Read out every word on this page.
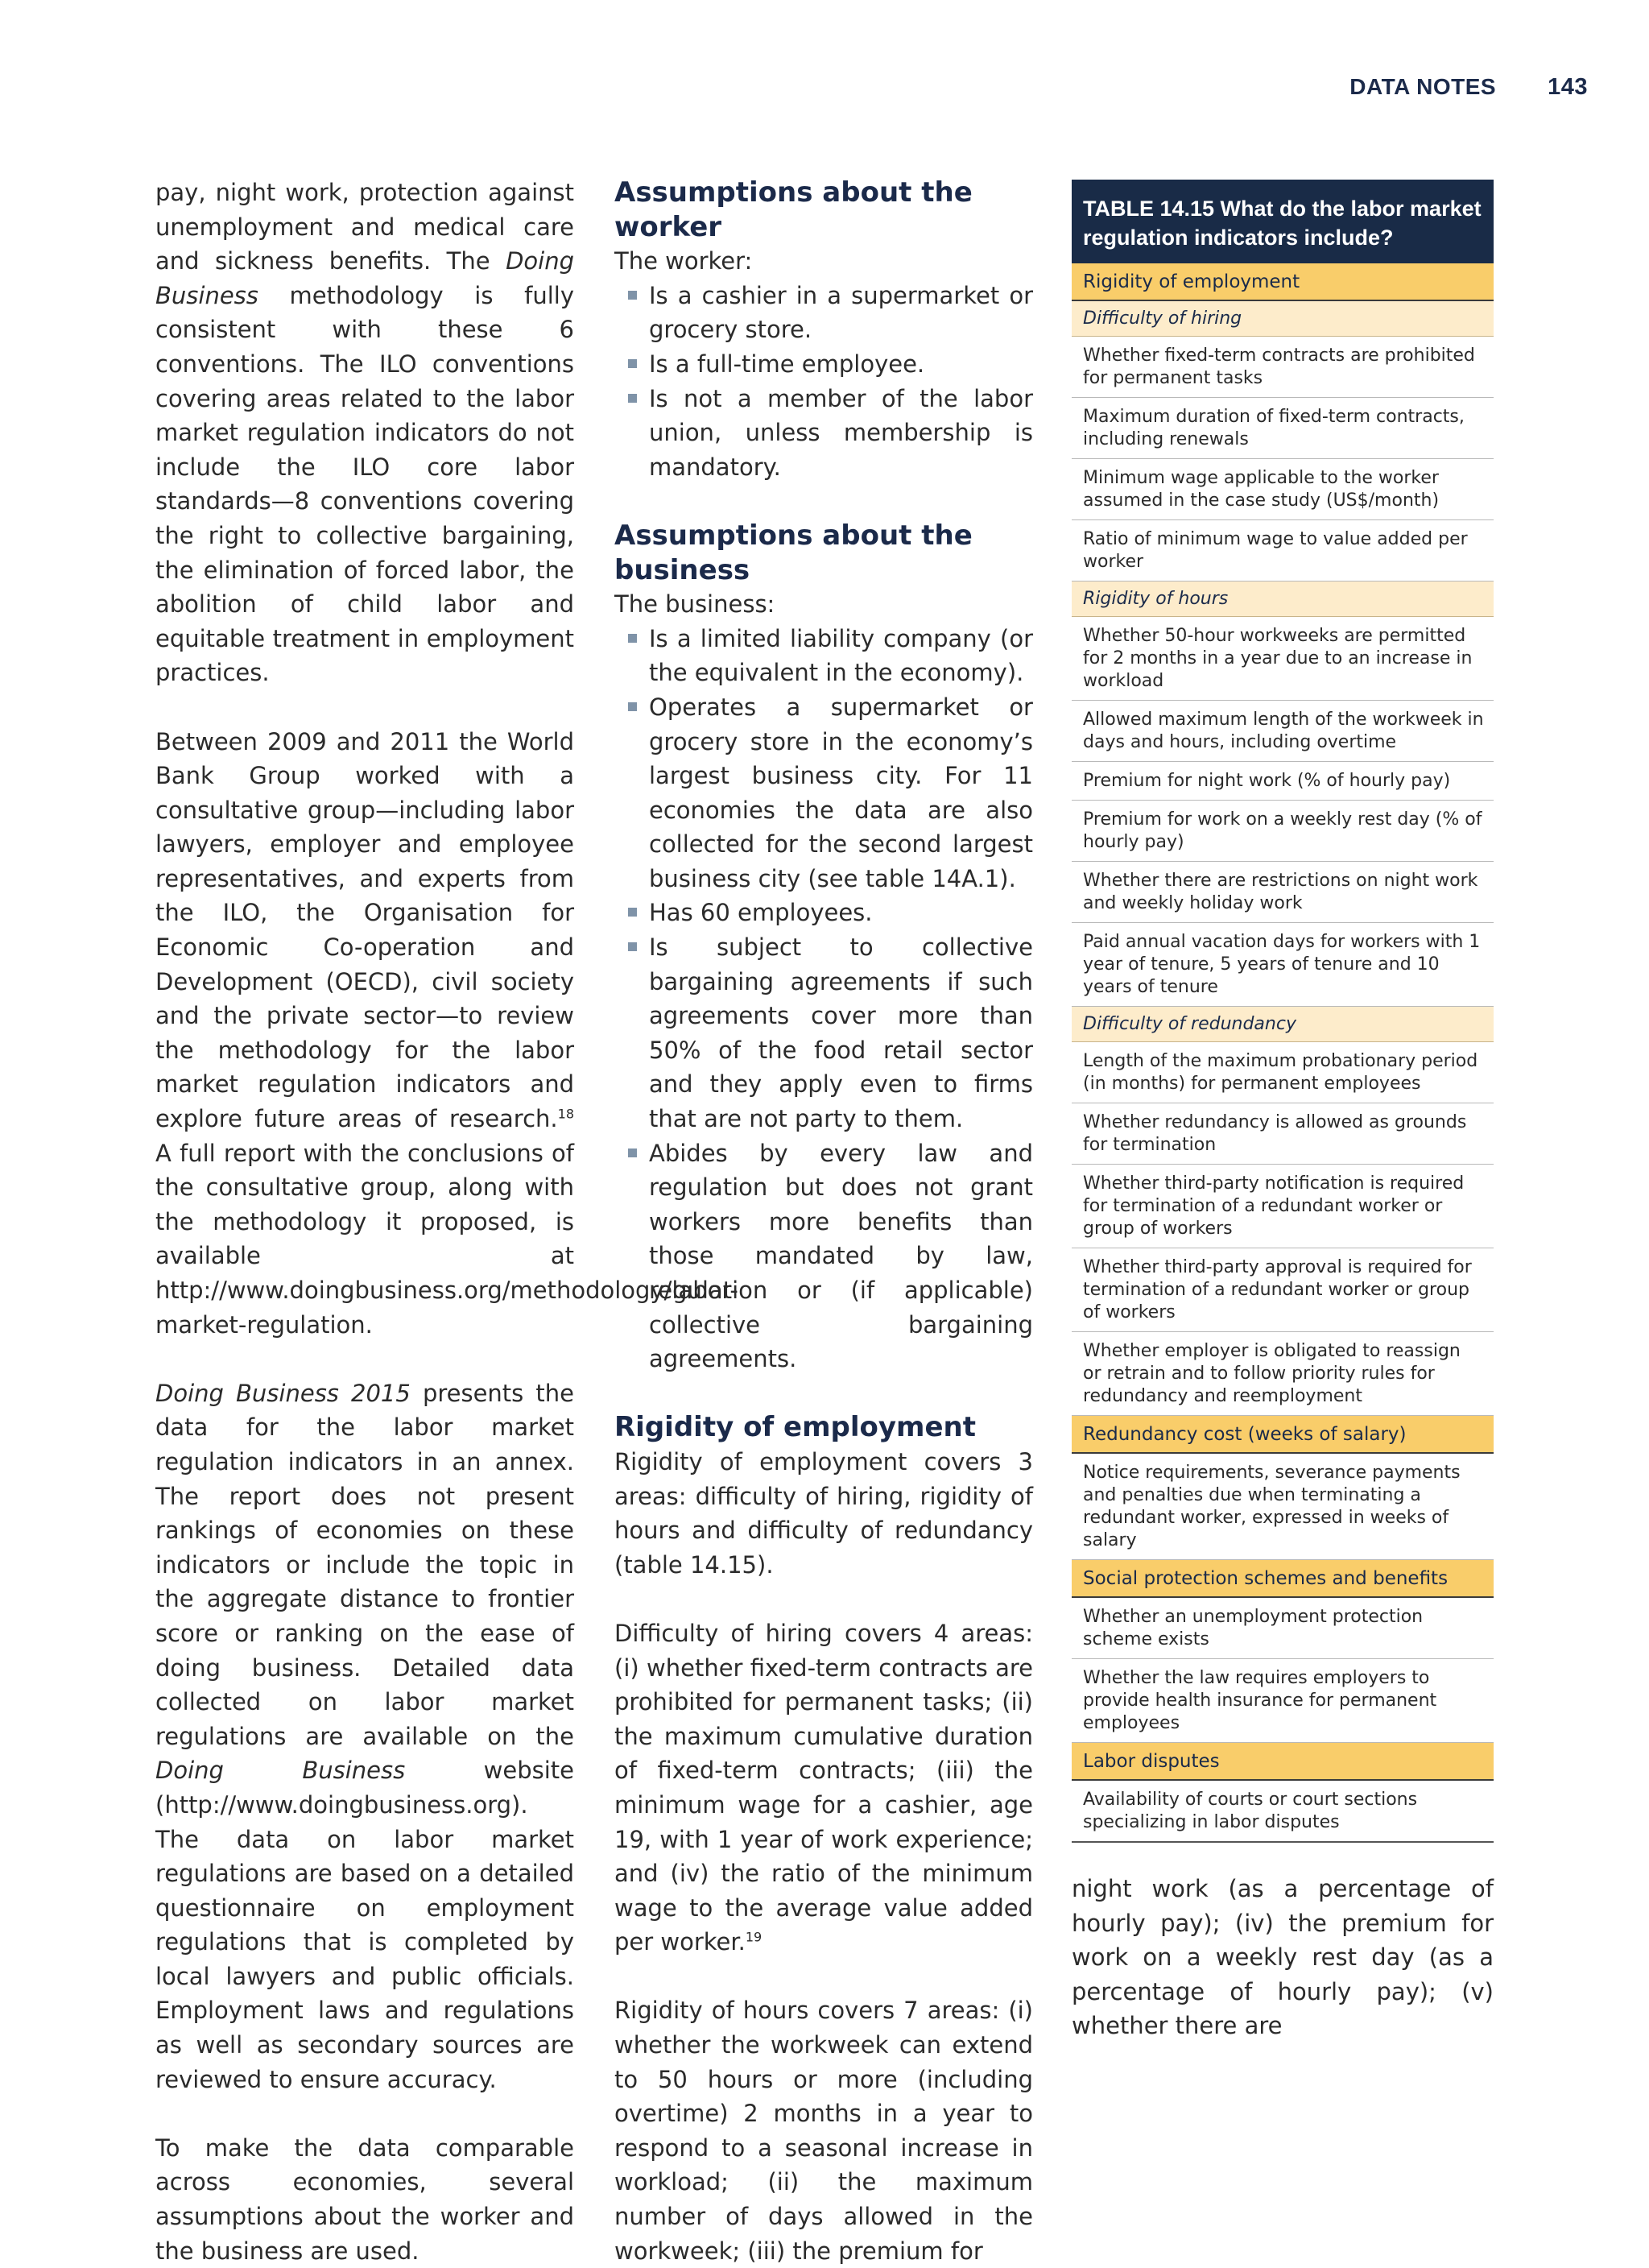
DATA NOTES 143

pay, night work, protection against unemployment and medical care and sickness benefits. The Doing Business methodology is fully consistent with these 6 conventions. The ILO conventions covering areas related to the labor market regulation indicators do not include the ILO core labor standards—8 conventions covering the right to collective bargaining, the elimination of forced labor, the abolition of child labor and equitable treatment in employment practices.

Between 2009 and 2011 the World Bank Group worked with a consultative group—including labor lawyers, employer and employee representatives, and experts from the ILO, the Organisation for Economic Co-operation and Development (OECD), civil society and the private sector—to review the methodology for the labor market regulation indicators and explore future areas of research.$^{18}$ A full report with the conclusions of the consultative group, along with the methodology it proposed, is available at http://www.doingbusiness.org/methodology/labor-market-regulation.

Doing Business 2015 presents the data for the labor market regulation indicators in an annex. The report does not present rankings of economies on these indicators or include the topic in the aggregate distance to frontier score or ranking on the ease of doing business. Detailed data collected on labor market regulations are available on the Doing Business website (http://www.doingbusiness.org). The data on labor market regulations are based on a detailed questionnaire on employment regulations that is completed by local lawyers and public officials. Employment laws and regulations as well as secondary sources are reviewed to ensure accuracy.

To make the data comparable across economies, several assumptions about the worker and the business are used.

Assumptions about the worker
The worker:
Is a cashier in a supermarket or grocery store.
Is a full-time employee.
Is not a member of the labor union, unless membership is mandatory.
Assumptions about the business
The business:
Is a limited liability company (or the equivalent in the economy).
Operates a supermarket or grocery store in the economy’s largest business city. For 11 economies the data are also collected for the second largest business city (see table 14A.1).
Has 60 employees.
Is subject to collective bargaining agreements if such agreements cover more than 50% of the food retail sector and they apply even to firms that are not party to them.
Abides by every law and regulation but does not grant workers more benefits than those mandated by law, regulation or (if applicable) collective bargaining agreements.
Rigidity of employment

Rigidity of employment covers 3 areas: difficulty of hiring, rigidity of hours and difficulty of redundancy (table 14.15).

Difficulty of hiring covers 4 areas: (i) whether fixed-term contracts are prohibited for permanent tasks; (ii) the maximum cumulative duration of fixed-term contracts; (iii) the minimum wage for a cashier, age 19, with 1 year of work experience; and (iv) the ratio of the minimum wage to the average value added per worker.$^{19}$

Rigidity of hours covers 7 areas: (i) whether the workweek can extend to 50 hours or more (including overtime) 2 months in a year to respond to a seasonal increase in workload; (ii) the maximum number of days allowed in the workweek; (iii) the premium for

TABLE 14.15 What do the labor market regulation indicators include?
Rigidity of employment
Difficulty of hiring
Whether fixed-term contracts are prohibited for permanent tasks
Maximum duration of fixed-term contracts, including renewals
Minimum wage applicable to the worker assumed in the case study (US$/month)
Ratio of minimum wage to value added per worker
Rigidity of hours
Whether 50-hour workweeks are permitted for 2 months in a year due to an increase in workload
Allowed maximum length of the workweek in days and hours, including overtime
Premium for night work (% of hourly pay)
Premium for work on a weekly rest day (% of hourly pay)
Whether there are restrictions on night work and weekly holiday work
Paid annual vacation days for workers with 1 year of tenure, 5 years of tenure and 10 years of tenure
Difficulty of redundancy
Length of the maximum probationary period (in months) for permanent employees
Whether redundancy is allowed as grounds for termination
Whether third-party notification is required for termination of a redundant worker or group of workers
Whether third-party approval is required for termination of a redundant worker or group of workers
Whether employer is obligated to reassign or retrain and to follow priority rules for redundancy and reemployment
Redundancy cost (weeks of salary)
Notice requirements, severance payments and penalties due when terminating a redundant worker, expressed in weeks of salary
Social protection schemes and benefits
Whether an unemployment protection scheme exists
Whether the law requires employers to provide health insurance for permanent employees
Labor disputes
Availability of courts or court sections specializing in labor disputes

night work (as a percentage of hourly pay); (iv) the premium for work on a weekly rest day (as a percentage of hourly pay); (v) whether there are
